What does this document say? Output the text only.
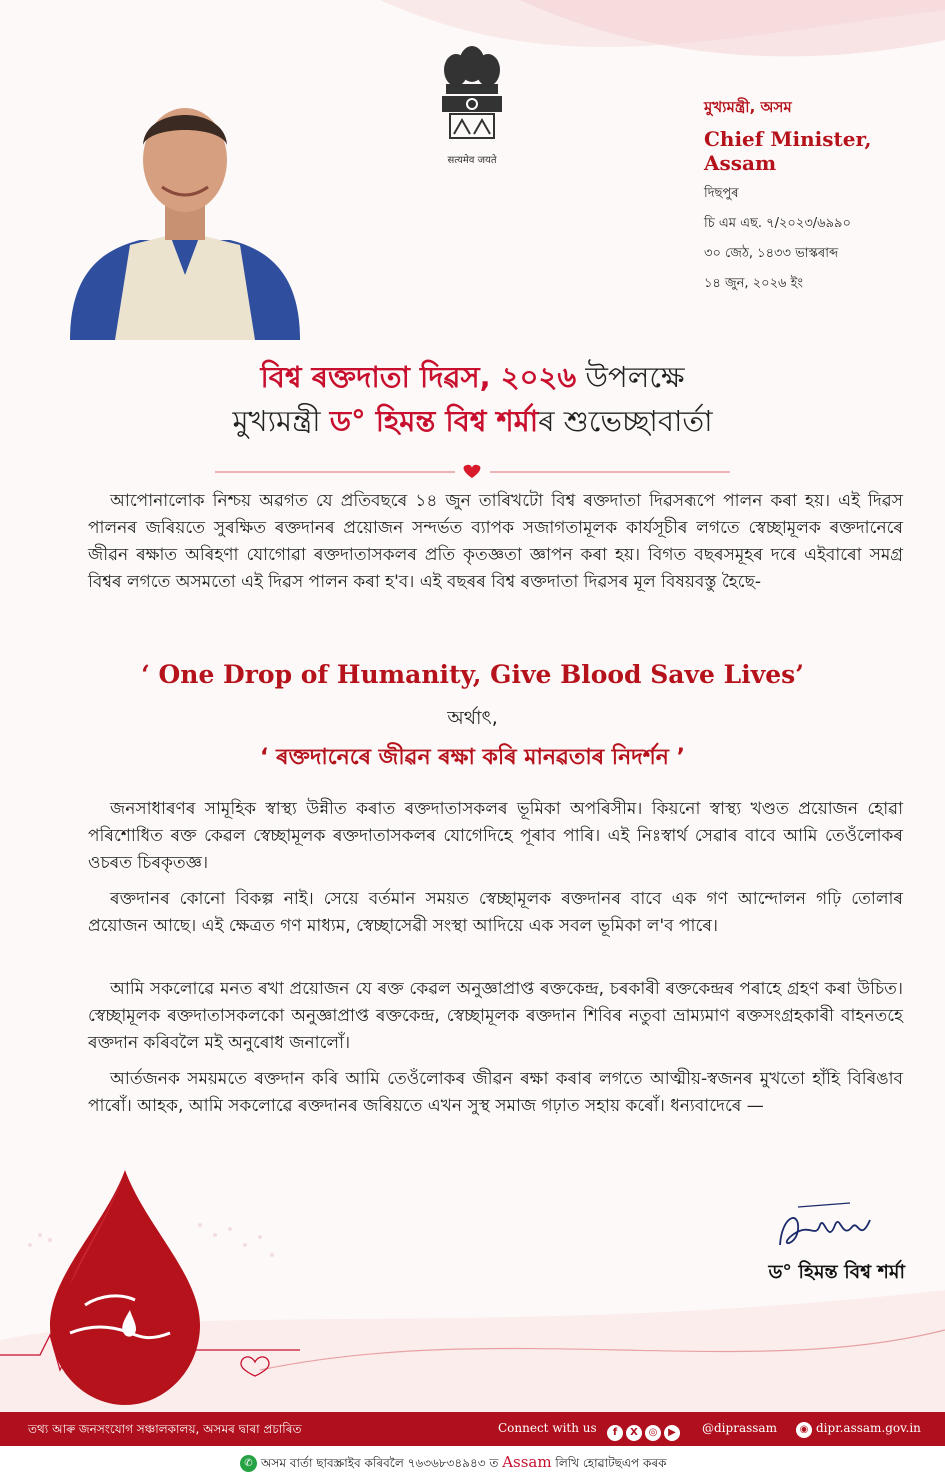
सत्यमेव जयते
মুখ্যমন্ত্ৰী, অসম
Chief Minister, Assam
দিছপুৰ
চি এম এছ. ৭/২০২৩/৬৯৯০
৩০ জেঠ, ১৪৩৩ ভাস্কৰাব্দ
১৪ জুন, ২০২৬ ইং
বিশ্ব ৰক্তদাতা দিৱস, ২০২৬ উপলক্ষে
মুখ্যমন্ত্ৰী ড° হিমন্ত বিশ্ব শৰ্মাৰ শুভেচ্ছাবাৰ্তা
আপোনালোক নিশ্চয় অৱগত যে প্ৰতিবছৰে ১৪ জুন তাৰিখটো বিশ্ব ৰক্তদাতা দিৱসৰূপে পালন কৰা হয়। এই দিৱস পালনৰ জৰিয়তে সুৰক্ষিত ৰক্তদানৰ প্ৰয়োজন সন্দৰ্ভত ব্যাপক সজাগতামূলক কাৰ্যসূচীৰ লগতে স্বেচ্ছামূলক ৰক্তদানেৰে জীৱন ৰক্ষাত অৰিহণা যোগোৱা ৰক্তদাতাসকলৰ প্ৰতি কৃতজ্ঞতা জ্ঞাপন কৰা হয়। বিগত বছৰসমূহৰ দৰে এইবাৰো সমগ্ৰ বিশ্বৰ লগতে অসমতো এই দিৱস পালন কৰা হ'ব। এই বছৰৰ বিশ্ব ৰক্তদাতা দিৱসৰ মূল বিষয়বস্তু হৈছে-
‘ One Drop of Humanity, Give Blood Save Lives’
অৰ্থাৎ,
‘ ৰক্তদানেৰে জীৱন ৰক্ষা কৰি মানৱতাৰ নিদৰ্শন ’
জনসাধাৰণৰ সামূহিক স্বাস্থ্য উন্নীত কৰাত ৰক্তদাতাসকলৰ ভূমিকা অপৰিসীম। কিয়নো স্বাস্থ্য খণ্ডত প্ৰয়োজন হোৱা পৰিশোধিত ৰক্ত কেৱল স্বেচ্ছামূলক ৰক্তদাতাসকলৰ যোগেদিহে পূৰাব পাৰি। এই নিঃস্বাৰ্থ সেৱাৰ বাবে আমি তেওঁলোকৰ ওচৰত চিৰকৃতজ্ঞ।
ৰক্তদানৰ কোনো বিকল্প নাই। সেয়ে বৰ্তমান সময়ত স্বেচ্ছামূলক ৰক্তদানৰ বাবে এক গণ আন্দোলন গঢ়ি তোলাৰ প্ৰয়োজন আছে। এই ক্ষেত্ৰত গণ মাধ্যম, স্বেচ্ছাসেৱী সংস্থা আদিয়ে এক সবল ভূমিকা ল'ব পাৰে।
আমি সকলোৱে মনত ৰখা প্ৰয়োজন যে ৰক্ত কেৱল অনুজ্ঞাপ্ৰাপ্ত ৰক্তকেন্দ্ৰ, চৰকাৰী ৰক্তকেন্দ্ৰৰ পৰাহে গ্ৰহণ কৰা উচিত। স্বেচ্ছামূলক ৰক্তদাতাসকলকো অনুজ্ঞাপ্ৰাপ্ত ৰক্তকেন্দ্ৰ, স্বেচ্ছামূলক ৰক্তদান শিবিৰ নতুবা ভ্ৰাম্যমাণ ৰক্তসংগ্ৰহকাৰী বাহনতহে ৰক্তদান কৰিবলৈ মই অনুৰোধ জনালোঁ।
আৰ্তজনক সময়মতে ৰক্তদান কৰি আমি তেওঁলোকৰ জীৱন ৰক্ষা কৰাৰ লগতে আত্মীয়-স্বজনৰ মুখতো হাঁহি বিৰিঙাব পাৰোঁ। আহক, আমি সকলোৱে ৰক্তদানৰ জৰিয়তে এখন সুস্থ সমাজ গঢ়াত সহায় কৰোঁ। ধন্যবাদেৰে —
ড° হিমন্ত বিশ্ব শৰ্মা
তথ্য আৰু জনসংযোগ সঞ্চালকালয়, অসমৰ দ্বাৰা প্ৰচাৰিত	Connect with us	f X ◎ ▶	@diprassam	◉ dipr.assam.gov.in
✆ অসম বাৰ্তা ছাবস্ক্ৰাইব কৰিবলৈ ৭৬৩৬৮৩৪৯৪৩ ত Assam লিখি হোৱাটছএপ কৰক
